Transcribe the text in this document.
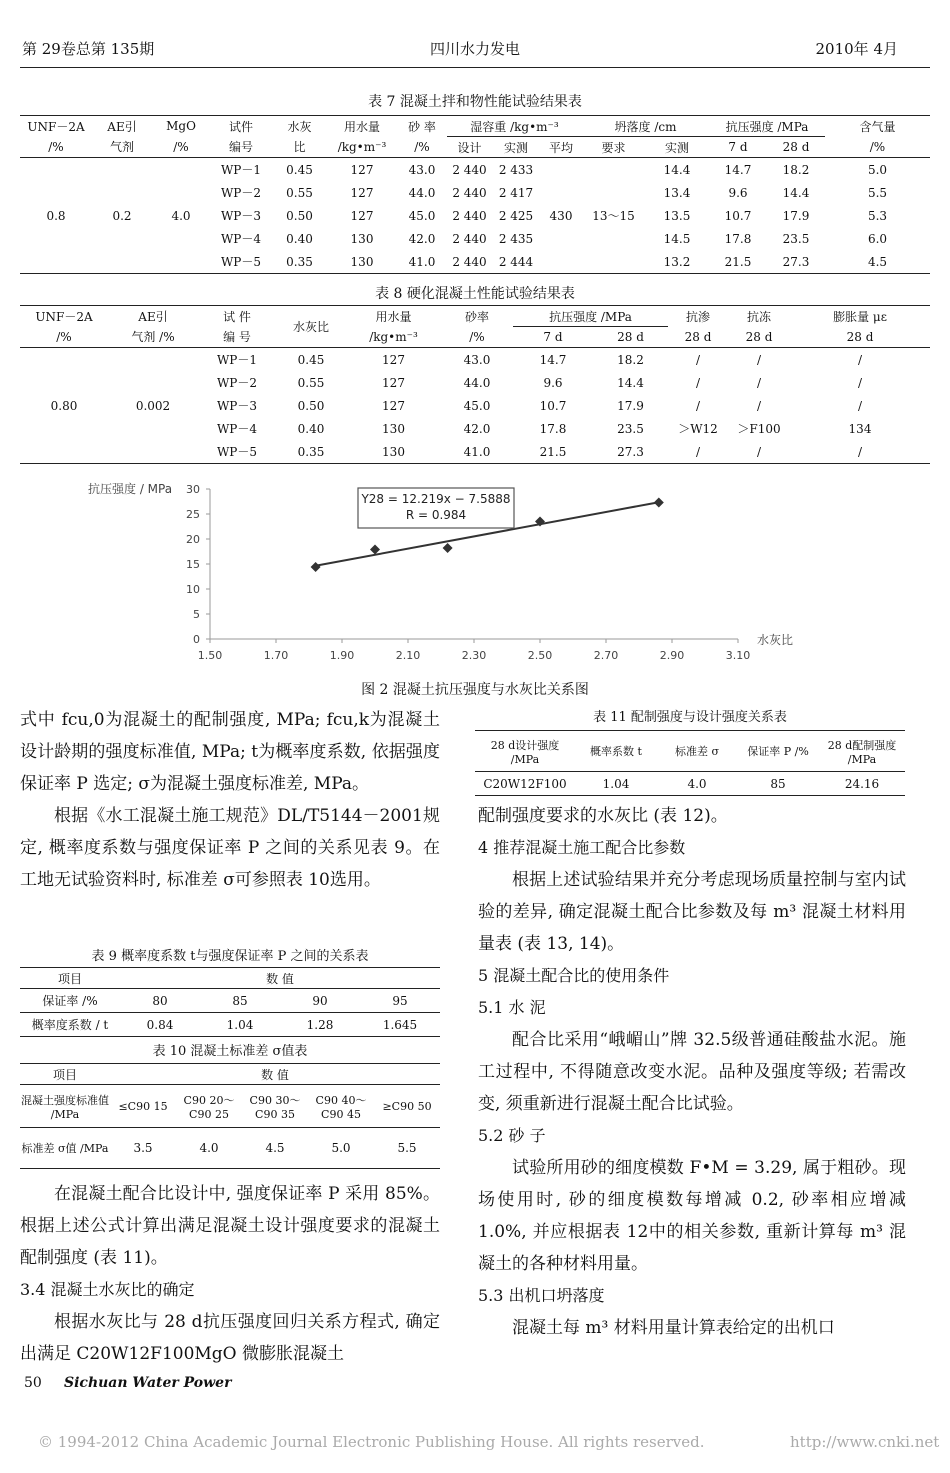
第 29卷总第 135期	四川水力发电	2010年 4月
表 7 混凝土拌和物性能试验结果表
UNF－2A	AE引	MgO	试件	水灰	用水量	砂 率	湿容重 /kg•m⁻³			坍落度 /cm		抗压强度 /MPa		含气量
/%	气剂	/%	编号	比	/kg•m⁻³	/%	设计	实测	平均	要求	实测	7 d	28 d	/%
0.8	0.2	4.0	WP－1	0.45	127	43.0	2 440	2 433	430	13～15	14.4	14.7	18.2	5.0
			WP－2	0.55	127	44.0	2 440	2 417			13.4	9.6	14.4	5.5
			WP－3	0.50	127	45.0	2 440	2 425			13.5	10.7	17.9	5.3
			WP－4	0.40	130	42.0	2 440	2 435			14.5	17.8	23.5	6.0
			WP－5	0.35	130	41.0	2 440	2 444			13.2	21.5	27.3	4.5
表 8 硬化混凝土性能试验结果表
UNF－2A	AE引	试 件	水灰比	用水量	砂率	抗压强度 /MPa		抗渗	抗冻	膨胀量 με
/%	气剂 /%	编 号		/kg•m⁻³	/%	7 d	28 d	28 d	28 d	28 d
0.80	0.002	WP－1	0.45	127	43.0	14.7	18.2	/	/	/
		WP－2	0.55	127	44.0	9.6	14.4	/	/	/
		WP－3	0.50	127	45.0	10.7	17.9	/	/	/
		WP－4	0.40	130	42.0	17.8	23.5	＞W12	＞F100	134
		WP－5	0.35	130	41.0	21.5	27.3	/	/	/
抗压强度 / MPa
水灰比
0
5
10
15
20
25
30
1.50	1.70	1.90	2.10	2.30	2.50	2.70	2.90	3.10
Y28 = 12.219x − 7.5888
R = 0.984
图 2 混凝土抗压强度与水灰比关系图

式中 fcu,0为混凝土的配制强度, MPa; fcu,k为混凝土设计龄期的强度标准值, MPa; t为概率度系数, 依据强度保证率 P 选定; σ为混凝土强度标准差, MPa。

根据《水工混凝土施工规范》DL/T5144－2001规定, 概率度系数与强度保证率 P 之间的关系见表 9。在工地无试验资料时, 标准差 σ可参照表 10选用。

表 9 概率度系数 t与强度保证率 P 之间的关系表
项目	数 值			
保证率 /%	80	85	90	95
概率度系数 / t	0.84	1.04	1.28	1.645
表 10 混凝土标准差 σ值表
项目	数 值				
混凝土强度标准值 /MPa	≤C90 15	C90 20～C90 25	C90 30～C90 35	C90 40～C90 45	≥C90 50
标准差 σ值 /MPa	3.5	4.0	4.5	5.0	5.5

在混凝土配合比设计中, 强度保证率 P 采用 85%。根据上述公式计算出满足混凝土设计强度要求的混凝土配制强度 (表 11)。

3.4 混凝土水灰比的确定

根据水灰比与 28 d抗压强度回归关系方程式, 确定出满足 C20W12F100MgO 微膨胀混凝土

表 11 配制强度与设计强度关系表
28 d设计强度 /MPa	概率系数 t	标准差 σ	保证率 P /%	28 d配制强度 /MPa
C20W12F100	1.04	4.0	85	24.16

配制强度要求的水灰比 (表 12)。

4 推荐混凝土施工配合比参数

根据上述试验结果并充分考虑现场质量控制与室内试验的差异, 确定混凝土配合比参数及每 m³ 混凝土材料用量表 (表 13, 14)。

5 混凝土配合比的使用条件

5.1 水 泥

配合比采用“峨嵋山”牌 32.5级普通硅酸盐水泥。施工过程中, 不得随意改变水泥。品种及强度等级; 若需改变, 须重新进行混凝土配合比试验。

5.2 砂 子

试验所用砂的细度模数 F•M = 3.29, 属于粗砂。现场使用时, 砂的细度模数每增减 0.2, 砂率相应增减 1.0%, 并应根据表 12中的相关参数, 重新计算每 m³ 混凝土的各种材料用量。

5.3 出机口坍落度

混凝土每 m³ 材料用量计算表给定的出机口

50 Sichuan Water Power
© 1994-2012 China Academic Journal Electronic Publishing House. All rights reserved.	http://www.cnki.net
